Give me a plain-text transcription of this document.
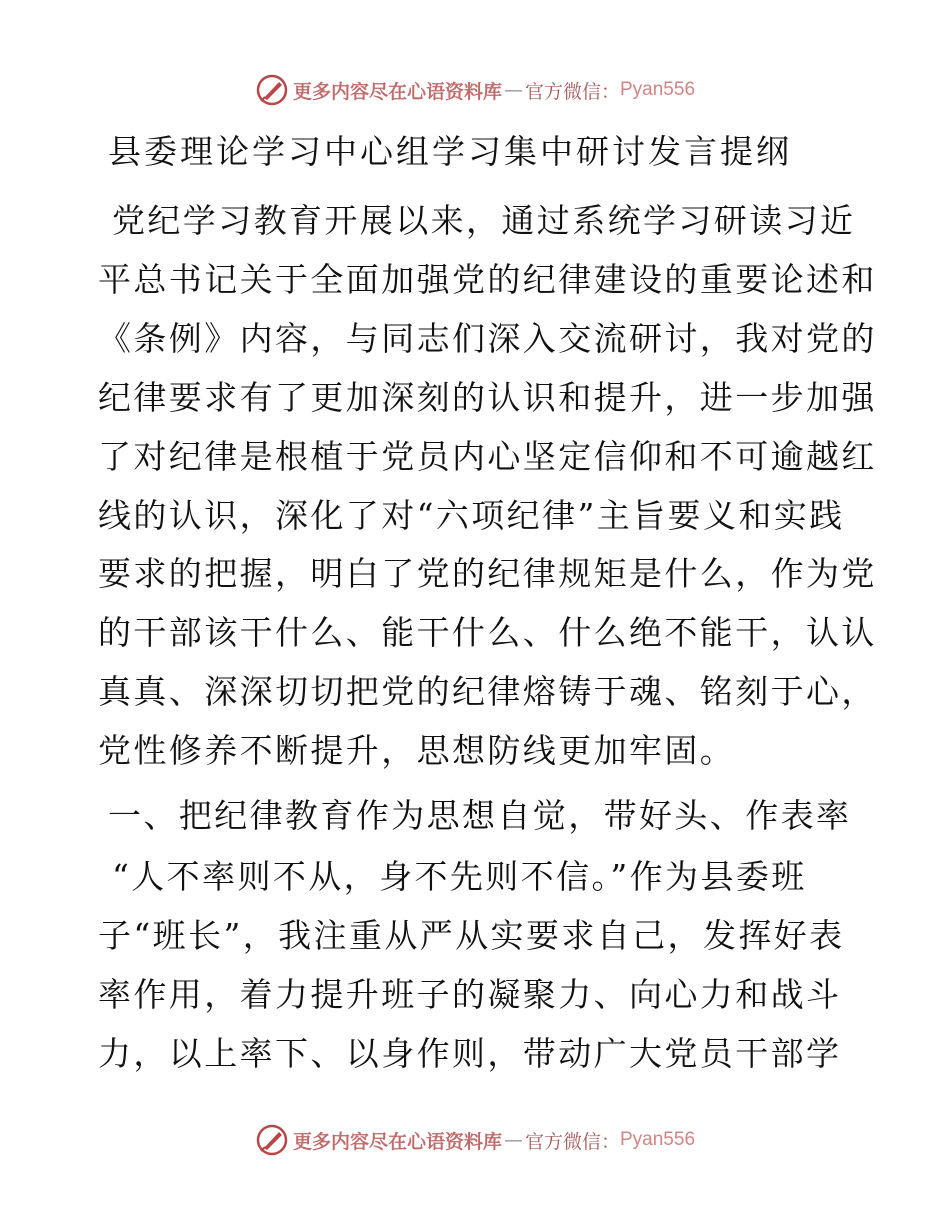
更多内容尽在心语资料库 — 官方微信： Pyan556
县委理论学习中心组学习集中研讨发言提纲
党纪学习教育开展以来，通过系统学习研读习近
平总书记关于全面加强党的纪律建设的重要论述和
《条例》内容，与同志们深入交流研讨，我对党的
纪律要求有了更加深刻的认识和提升，进一步加强
了对纪律是根植于党员内心坚定信仰和不可逾越红
线的认识，深化了对“六项纪律”主旨要义和实践
要求的把握，明白了党的纪律规矩是什么，作为党
的干部该干什么、能干什么、什么绝不能干，认认
真真、深深切切把党的纪律熔铸于魂、铭刻于心，
党性修养不断提升，思想防线更加牢固。
一、把纪律教育作为思想自觉，带好头、作表率
“人不率则不从，身不先则不信。”作为县委班
子“班长”，我注重从严从实要求自己，发挥好表
率作用，着力提升班子的凝聚力、向心力和战斗
力，以上率下、以身作则，带动广大党员干部学
更多内容尽在心语资料库 — 官方微信： Pyan556
